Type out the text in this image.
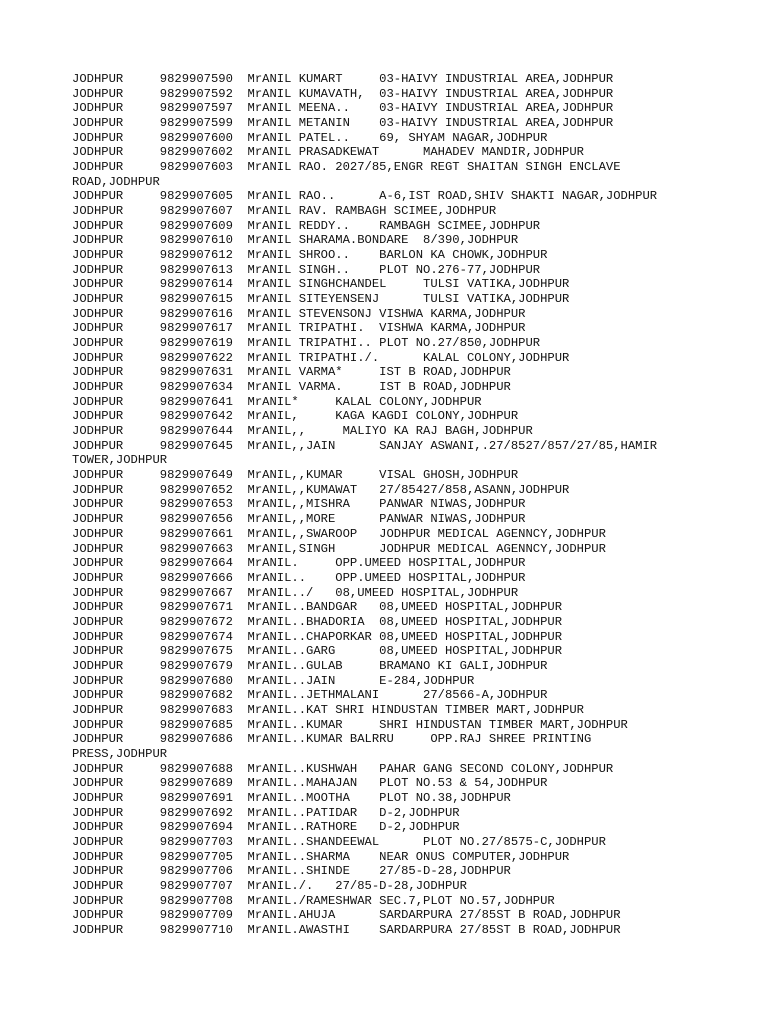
JODHPUR     9829907590  MrANIL KUMART     03-HAIVY INDUSTRIAL AREA,JODHPUR
JODHPUR     9829907592  MrANIL KUMAVATH,  03-HAIVY INDUSTRIAL AREA,JODHPUR
JODHPUR     9829907597  MrANIL MEENA..    03-HAIVY INDUSTRIAL AREA,JODHPUR
JODHPUR     9829907599  MrANIL METANIN    03-HAIVY INDUSTRIAL AREA,JODHPUR
JODHPUR     9829907600  MrANIL PATEL..    69, SHYAM NAGAR,JODHPUR
JODHPUR     9829907602  MrANIL PRASADKEWAT      MAHADEV MANDIR,JODHPUR
JODHPUR     9829907603  MrANIL RAO. 2027/85,ENGR REGT SHAITAN SINGH ENCLAVE
ROAD,JODHPUR
JODHPUR     9829907605  MrANIL RAO..      A-6,IST ROAD,SHIV SHAKTI NAGAR,JODHPUR
JODHPUR     9829907607  MrANIL RAV. RAMBAGH SCIMEE,JODHPUR
JODHPUR     9829907609  MrANIL REDDY..    RAMBAGH SCIMEE,JODHPUR
JODHPUR     9829907610  MrANIL SHARAMA.BONDARE  8/390,JODHPUR
JODHPUR     9829907612  MrANIL SHROO..    BARLON KA CHOWK,JODHPUR
JODHPUR     9829907613  MrANIL SINGH..    PLOT NO.276-77,JODHPUR
JODHPUR     9829907614  MrANIL SINGHCHANDEL     TULSI VATIKA,JODHPUR
JODHPUR     9829907615  MrANIL SITEYENSENJ      TULSI VATIKA,JODHPUR
JODHPUR     9829907616  MrANIL STEVENSONJ VISHWA KARMA,JODHPUR
JODHPUR     9829907617  MrANIL TRIPATHI.  VISHWA KARMA,JODHPUR
JODHPUR     9829907619  MrANIL TRIPATHI.. PLOT NO.27/850,JODHPUR
JODHPUR     9829907622  MrANIL TRIPATHI./.      KALAL COLONY,JODHPUR
JODHPUR     9829907631  MrANIL VARMA*     IST B ROAD,JODHPUR
JODHPUR     9829907634  MrANIL VARMA.     IST B ROAD,JODHPUR
JODHPUR     9829907641  MrANIL*     KALAL COLONY,JODHPUR
JODHPUR     9829907642  MrANIL,     KAGA KAGDI COLONY,JODHPUR
JODHPUR     9829907644  MrANIL,,     MALIYO KA RAJ BAGH,JODHPUR
JODHPUR     9829907645  MrANIL,,JAIN      SANJAY ASWANI,.27/8527/857/27/85,HAMIR
TOWER,JODHPUR
JODHPUR     9829907649  MrANIL,,KUMAR     VISAL GHOSH,JODHPUR
JODHPUR     9829907652  MrANIL,,KUMAWAT   27/85427/858,ASANN,JODHPUR
JODHPUR     9829907653  MrANIL,,MISHRA    PANWAR NIWAS,JODHPUR
JODHPUR     9829907656  MrANIL,,MORE      PANWAR NIWAS,JODHPUR
JODHPUR     9829907661  MrANIL,,SWAROOP   JODHPUR MEDICAL AGENNCY,JODHPUR
JODHPUR     9829907663  MrANIL,SINGH      JODHPUR MEDICAL AGENNCY,JODHPUR
JODHPUR     9829907664  MrANIL.     OPP.UMEED HOSPITAL,JODHPUR
JODHPUR     9829907666  MrANIL..    OPP.UMEED HOSPITAL,JODHPUR
JODHPUR     9829907667  MrANIL../   08,UMEED HOSPITAL,JODHPUR
JODHPUR     9829907671  MrANIL..BANDGAR   08,UMEED HOSPITAL,JODHPUR
JODHPUR     9829907672  MrANIL..BHADORIA  08,UMEED HOSPITAL,JODHPUR
JODHPUR     9829907674  MrANIL..CHAPORKAR 08,UMEED HOSPITAL,JODHPUR
JODHPUR     9829907675  MrANIL..GARG      08,UMEED HOSPITAL,JODHPUR
JODHPUR     9829907679  MrANIL..GULAB     BRAMANO KI GALI,JODHPUR
JODHPUR     9829907680  MrANIL..JAIN      E-284,JODHPUR
JODHPUR     9829907682  MrANIL..JETHMALANI      27/8566-A,JODHPUR
JODHPUR     9829907683  MrANIL..KAT SHRI HINDUSTAN TIMBER MART,JODHPUR
JODHPUR     9829907685  MrANIL..KUMAR     SHRI HINDUSTAN TIMBER MART,JODHPUR
JODHPUR     9829907686  MrANIL..KUMAR BALRRU     OPP.RAJ SHREE PRINTING
PRESS,JODHPUR
JODHPUR     9829907688  MrANIL..KUSHWAH   PAHAR GANG SECOND COLONY,JODHPUR
JODHPUR     9829907689  MrANIL..MAHAJAN   PLOT NO.53 & 54,JODHPUR
JODHPUR     9829907691  MrANIL..MOOTHA    PLOT NO.38,JODHPUR
JODHPUR     9829907692  MrANIL..PATIDAR   D-2,JODHPUR
JODHPUR     9829907694  MrANIL..RATHORE   D-2,JODHPUR
JODHPUR     9829907703  MrANIL..SHANDEEWAL      PLOT NO.27/8575-C,JODHPUR
JODHPUR     9829907705  MrANIL..SHARMA    NEAR ONUS COMPUTER,JODHPUR
JODHPUR     9829907706  MrANIL..SHINDE    27/85-D-28,JODHPUR
JODHPUR     9829907707  MrANIL./.   27/85-D-28,JODHPUR
JODHPUR     9829907708  MrANIL./RAMESHWAR SEC.7,PLOT NO.57,JODHPUR
JODHPUR     9829907709  MrANIL.AHUJA      SARDARPURA 27/85ST B ROAD,JODHPUR
JODHPUR     9829907710  MrANIL.AWASTHI    SARDARPURA 27/85ST B ROAD,JODHPUR
